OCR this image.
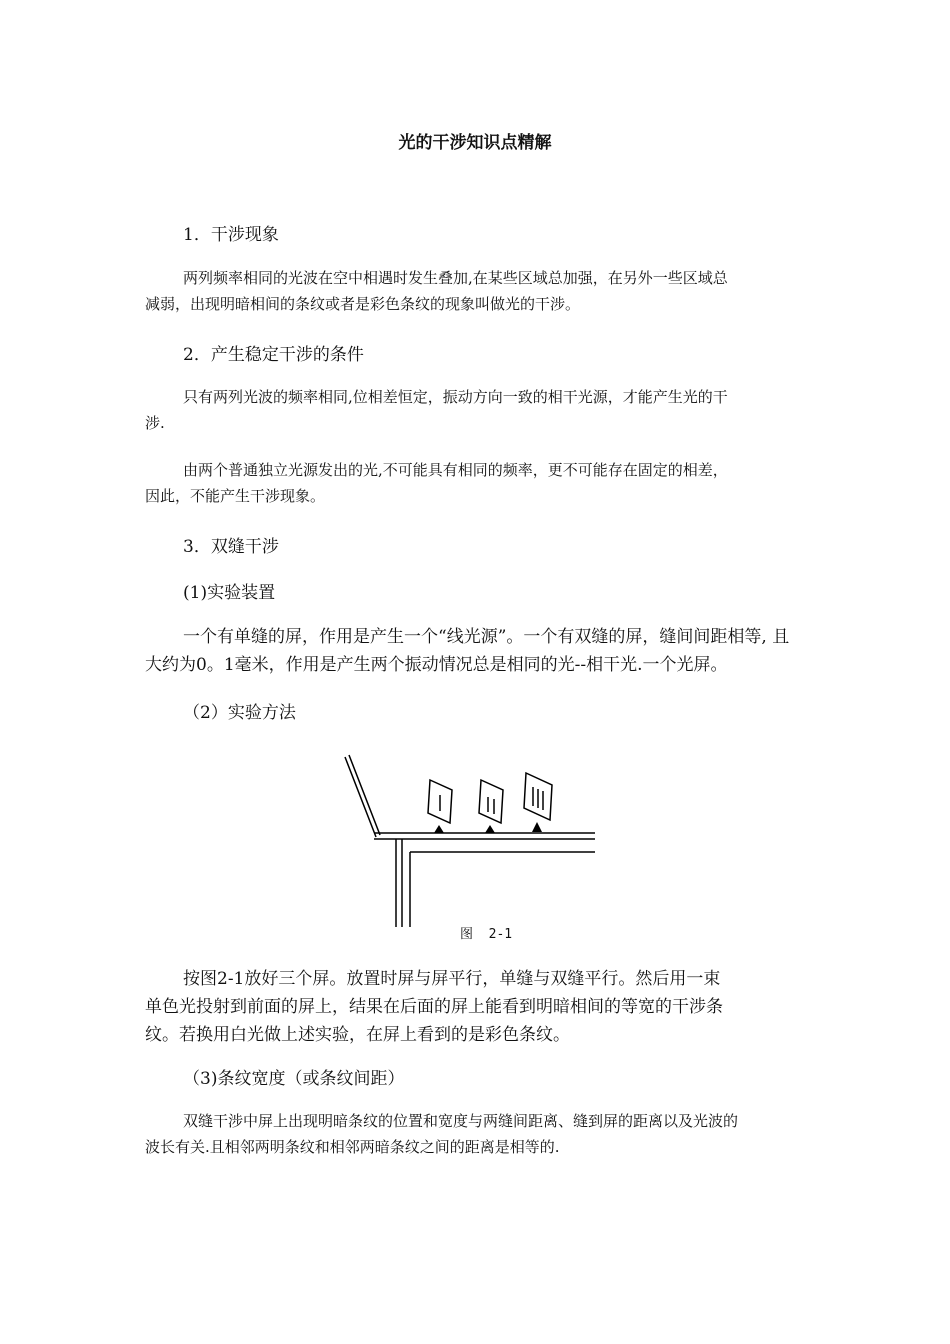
光的干涉知识点精解
1．干涉现象
两列频率相同的光波在空中相遇时发生叠加,在某些区域总加强，在另外一些区域总
减弱，出现明暗相间的条纹或者是彩色条纹的现象叫做光的干涉。
2．产生稳定干涉的条件
只有两列光波的频率相同,位相差恒定，振动方向一致的相干光源，才能产生光的干
涉.
由两个普通独立光源发出的光,不可能具有相同的频率，更不可能存在固定的相差，
因此，不能产生干涉现象。
3．双缝干涉
(1)实验装置
一个有单缝的屏，作用是产生一个“线光源”。一个有双缝的屏，缝间间距相等, 且
大约为0。1毫米，作用是产生两个振动情况总是相同的光--相干光.一个光屏。
（2）实验方法
图  2-1
按图2-1放好三个屏。放置时屏与屏平行，单缝与双缝平行。然后用一束
单色光投射到前面的屏上，结果在后面的屏上能看到明暗相间的等宽的干涉条
纹。若换用白光做上述实验，在屏上看到的是彩色条纹。
（3)条纹宽度（或条纹间距）
双缝干涉中屏上出现明暗条纹的位置和宽度与两缝间距离、缝到屏的距离以及光波的
波长有关.且相邻两明条纹和相邻两暗条纹之间的距离是相等的.
